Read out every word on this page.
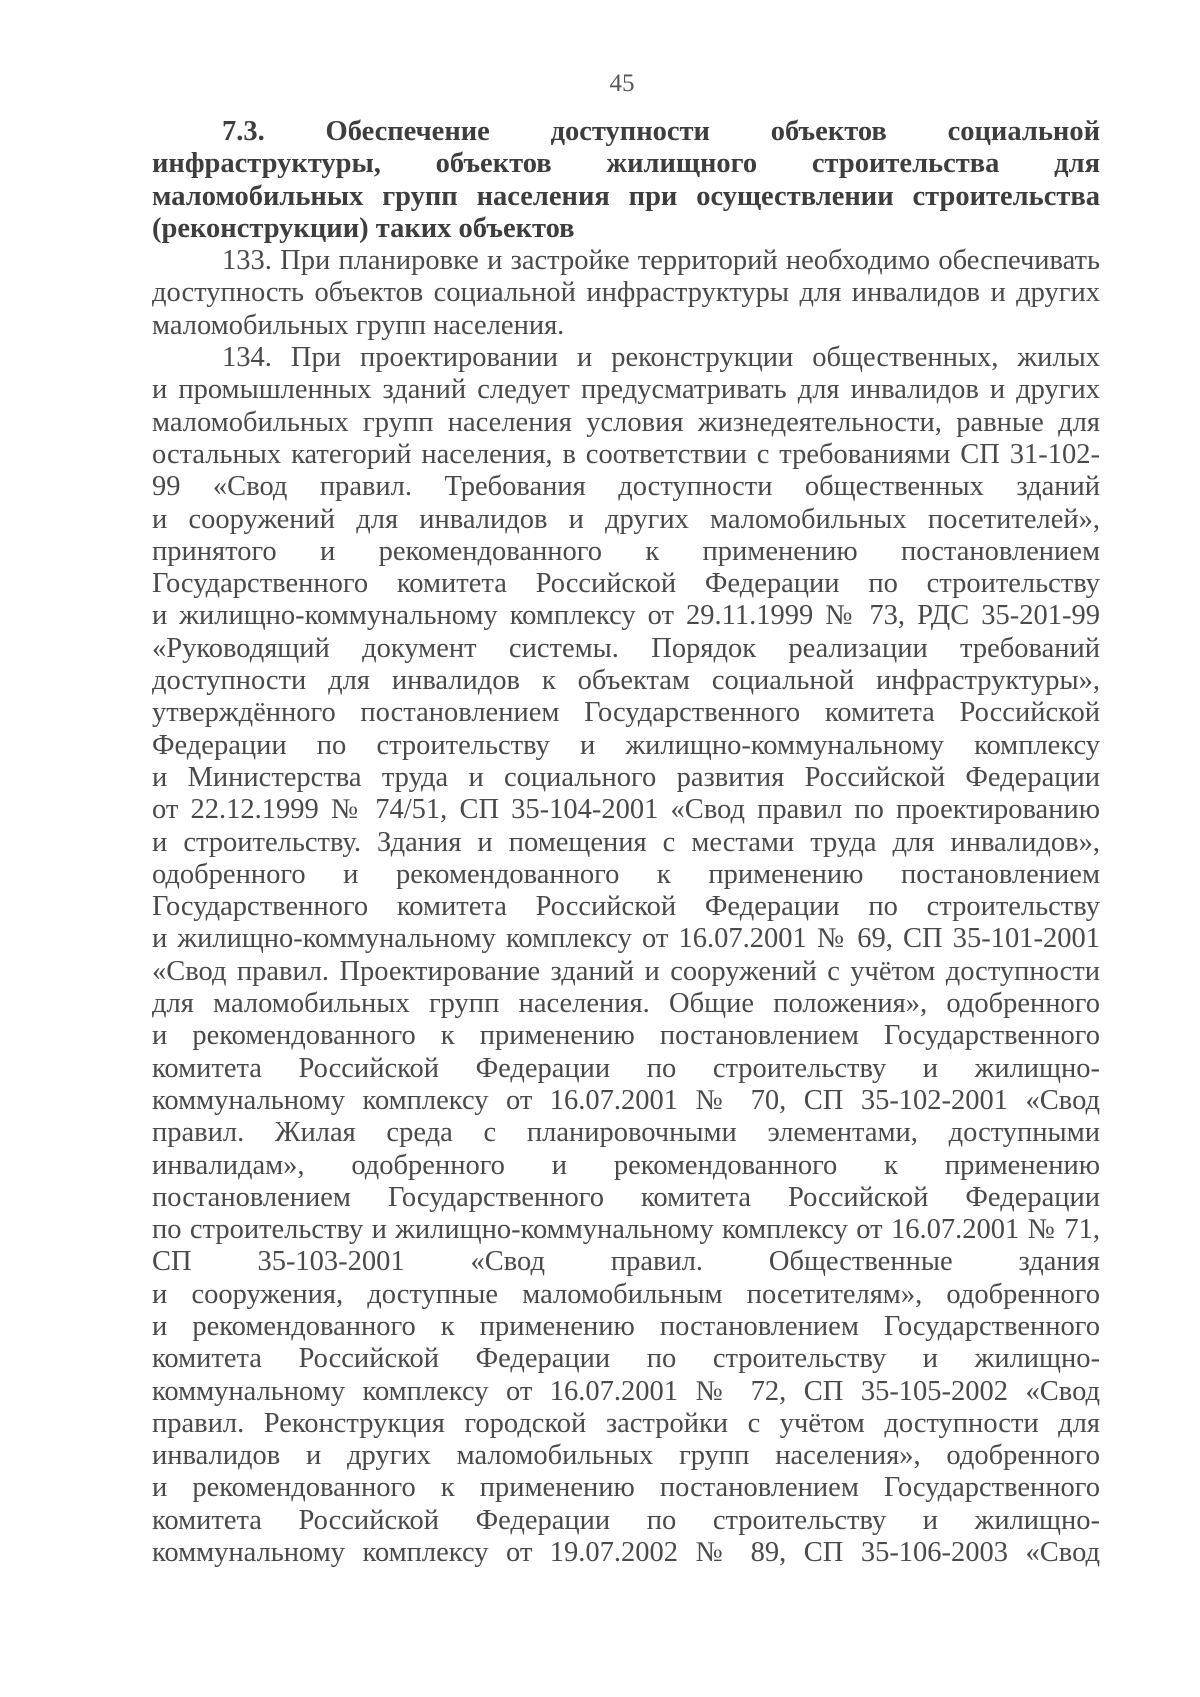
45
7.3. Обеспечение доступности объектов социальной
инфраструктуры, объектов жилищного строительства для
маломобильных групп населения при осуществлении строительства
(реконструкции) таких объектов
133. При планировке и застройке территорий необходимо обеспечивать
доступность объектов социальной инфраструктуры для инвалидов и других
маломобильных групп населения.
134. При проектировании и реконструкции общественных, жилых
и промышленных зданий следует предусматривать для инвалидов и других
маломобильных групп населения условия жизнедеятельности, равные для
остальных категорий населения, в соответствии с требованиями СП 31-102-
99 «Свод правил. Требования доступности общественных зданий
и сооружений для инвалидов и других маломобильных посетителей»,
принятого и рекомендованного к применению постановлением
Государственного комитета Российской Федерации по строительству
и жилищно-коммунальному комплексу от 29.11.1999 № 73, РДС 35-201-99
«Руководящий документ системы. Порядок реализации требований
доступности для инвалидов к объектам социальной инфраструктуры»,
утверждённого постановлением Государственного комитета Российской
Федерации по строительству и жилищно-коммунальному комплексу
и Министерства труда и социального развития Российской Федерации
от 22.12.1999 № 74/51, СП 35-104-2001 «Свод правил по проектированию
и строительству. Здания и помещения с местами труда для инвалидов»,
одобренного и рекомендованного к применению постановлением
Государственного комитета Российской Федерации по строительству
и жилищно-коммунальному комплексу от 16.07.2001 № 69, СП 35-101-2001
«Свод правил. Проектирование зданий и сооружений с учётом доступности
для маломобильных групп населения. Общие положения», одобренного
и рекомендованного к применению постановлением Государственного
комитета Российской Федерации по строительству и жилищно-
коммунальному комплексу от 16.07.2001 № 70, СП 35-102-2001 «Свод
правил. Жилая среда с планировочными элементами, доступными
инвалидам», одобренного и рекомендованного к применению
постановлением Государственного комитета Российской Федерации
по строительству и жилищно-коммунальному комплексу от 16.07.2001 № 71,
СП 35-103-2001 «Свод правил. Общественные здания
и сооружения, доступные маломобильным посетителям», одобренного
и рекомендованного к применению постановлением Государственного
комитета Российской Федерации по строительству и жилищно-
коммунальному комплексу от 16.07.2001 № 72, СП 35-105-2002 «Свод
правил. Реконструкция городской застройки с учётом доступности для
инвалидов и других маломобильных групп населения», одобренного
и рекомендованного к применению постановлением Государственного
комитета Российской Федерации по строительству и жилищно-
коммунальному комплексу от 19.07.2002 № 89, СП 35-106-2003 «Свод
